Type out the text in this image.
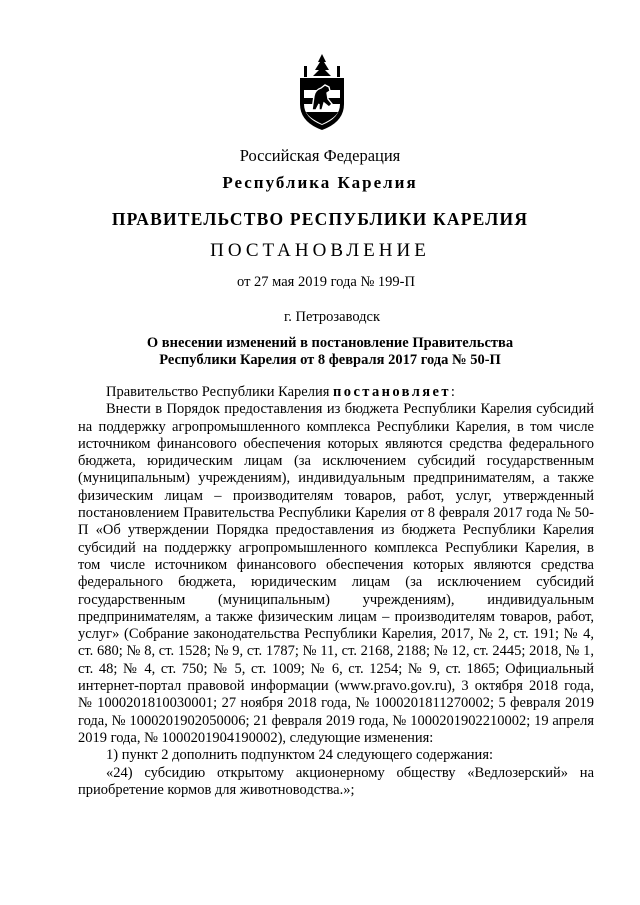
Российская Федерация
Республика Карелия
ПРАВИТЕЛЬСТВО РЕСПУБЛИКИ КАРЕЛИЯ
ПОСТАНОВЛЕНИЕ
от 27 мая 2019 года № 199-П
г. Петрозаводск
О внесении изменений в постановление Правительства
Республики Карелия от 8 февраля 2017 года № 50-П

Правительство Республики Карелия постановляет:

Внести в Порядок предоставления из бюджета Республики Карелия субсидий на поддержку агропромышленного комплекса Республики Карелия, в том числе источником финансового обеспечения которых являются средства федерального бюджета, юридическим лицам (за исключением субсидий государственным (муниципальным) учреждениям), индивидуальным предпринимателям, а также физическим лицам – производителям товаров, работ, услуг, утвержденный постановлением Правительства Республики Карелия от 8 февраля 2017 года № 50-П «Об утверждении Порядка предоставления из бюджета Республики Карелия субсидий на поддержку агропромышленного комплекса Республики Карелия, в том числе источником финансового обеспечения которых являются средства федерального бюджета, юридическим лицам (за исключением субсидий государственным (муниципальным) учреждениям), индивидуальным предпринимателям, а также физическим лицам – производителям товаров, работ, услуг» (Собрание законодательства Республики Карелия, 2017, № 2, ст. 191; № 4, ст. 680; № 8, ст. 1528; № 9, ст. 1787; № 11, ст. 2168, 2188; № 12, ст. 2445; 2018, № 1, ст. 48; № 4, ст. 750; № 5, ст. 1009; № 6, ст. 1254; № 9, ст. 1865; Официальный интернет-портал правовой информации (www.pravo.gov.ru), 3 октября 2018 года, № 1000201810030001; 27 ноября 2018 года, № 1000201811270002; 5 февраля 2019 года, № 1000201902050006; 21 февраля 2019 года, № 1000201902210002; 19 апреля 2019 года, № 1000201904190002), следующие изменения:

1) пункт 2 дополнить подпунктом 24 следующего содержания:

«24) субсидию открытому акционерному обществу «Ведлозерский» на приобретение кормов для животноводства.»;
